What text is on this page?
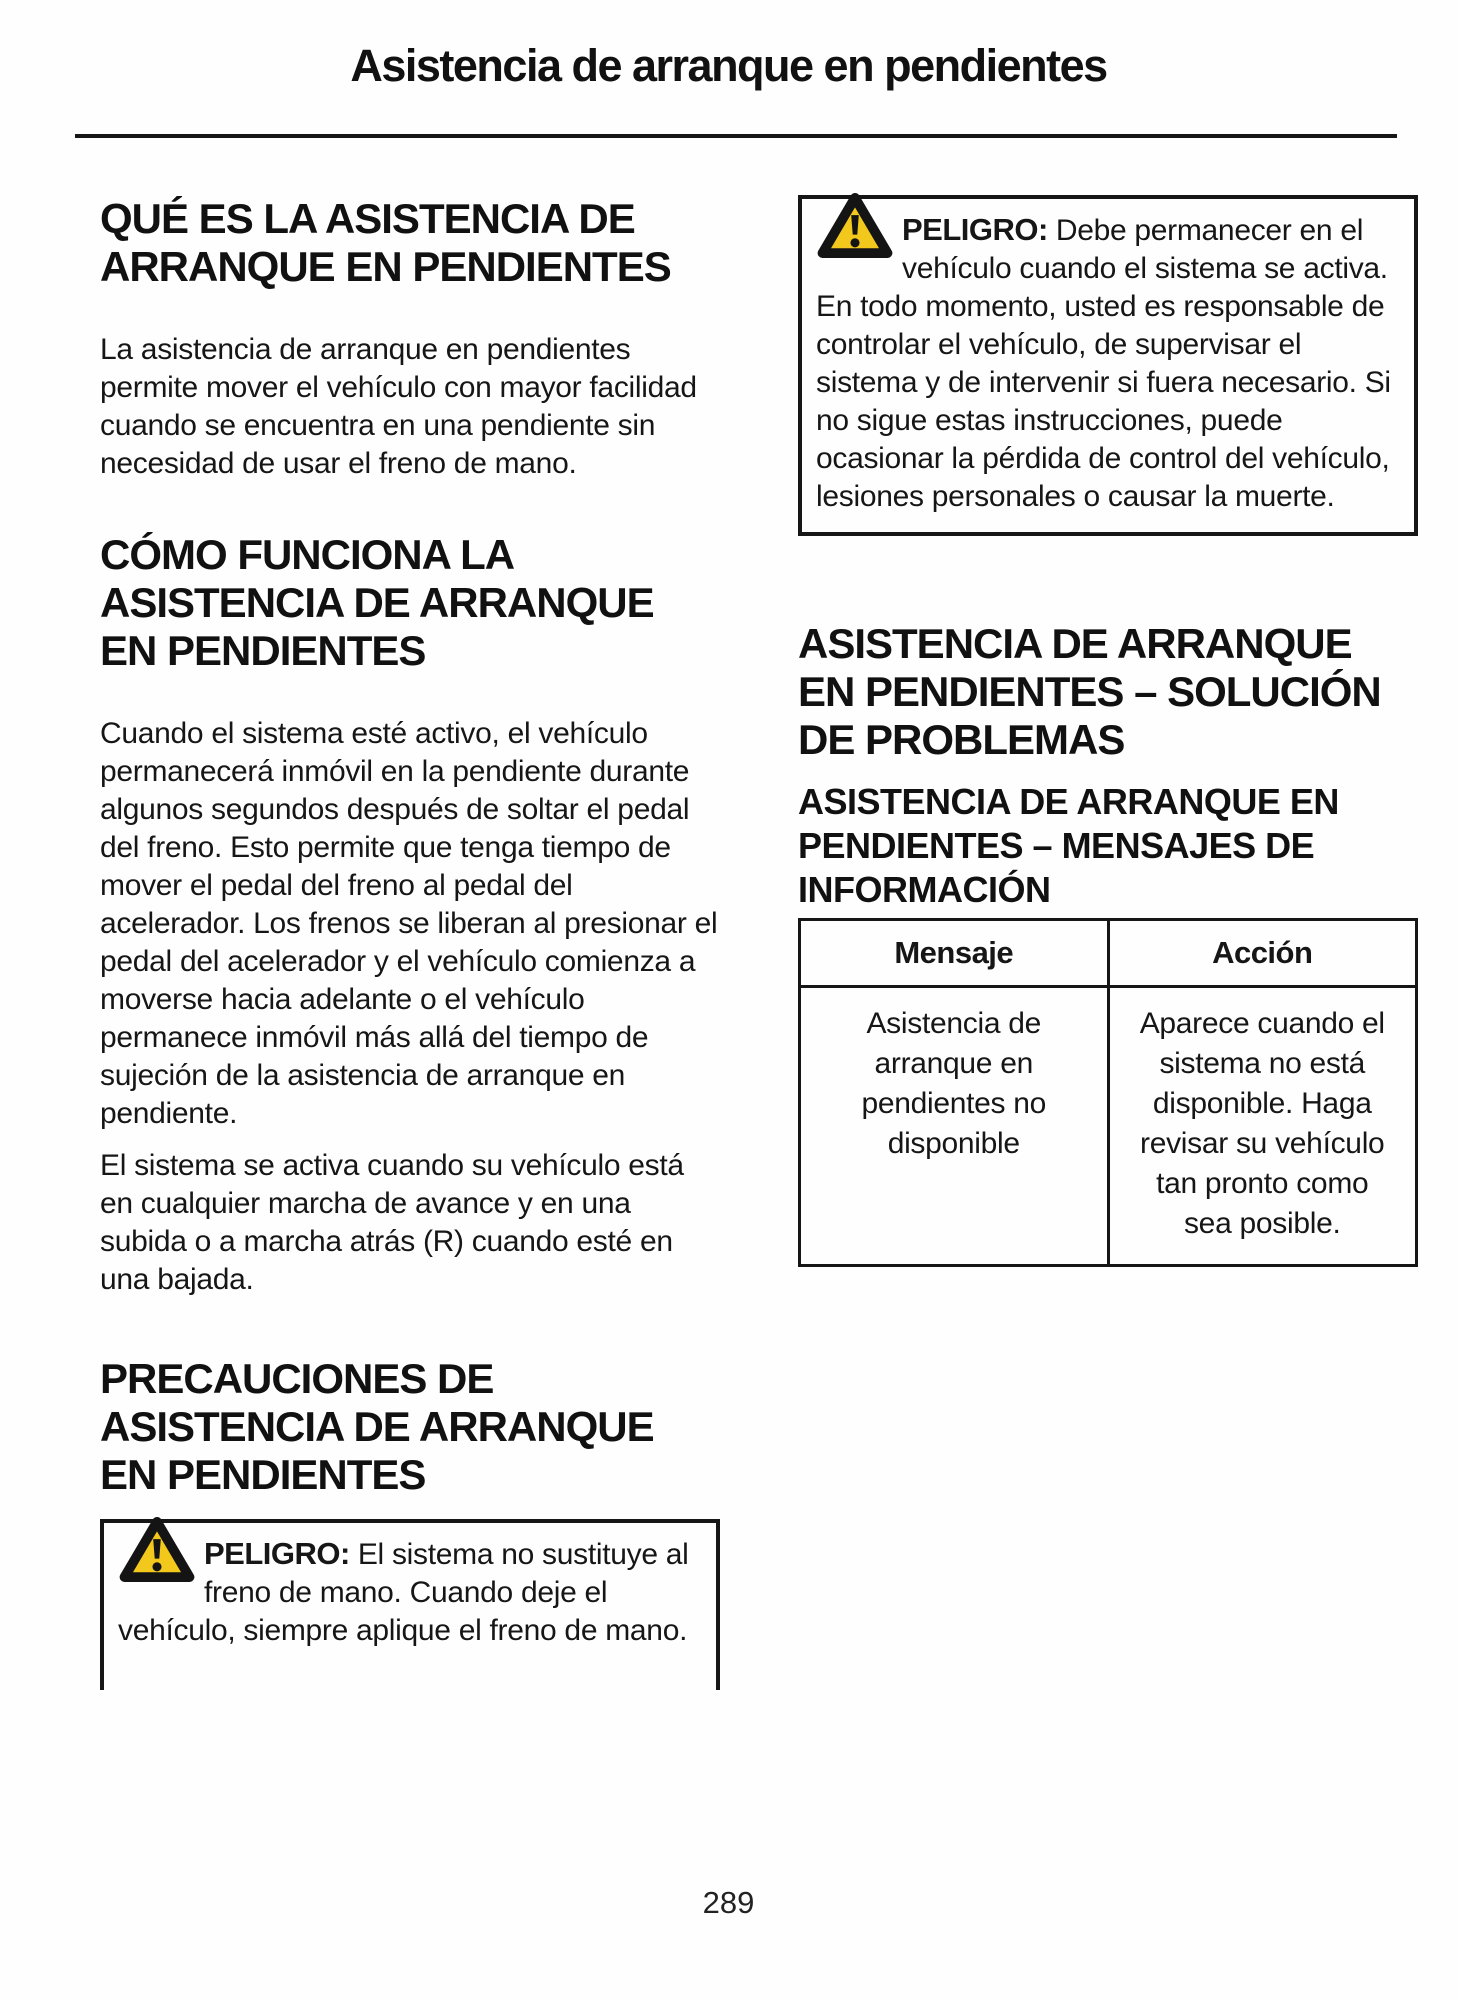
Asistencia de arranque en pendientes
QUÉ ES LA ASISTENCIA DE ARRANQUE EN PENDIENTES

La asistencia de arranque en pendientes permite mover el vehículo con mayor facilidad cuando se encuentra en una pendiente sin necesidad de usar el freno de mano.

CÓMO FUNCIONA LA ASISTENCIA DE ARRANQUE EN PENDIENTES

Cuando el sistema esté activo, el vehículo permanecerá inmóvil en la pendiente durante algunos segundos después de soltar el pedal del freno. Esto permite que tenga tiempo de mover el pedal del freno al pedal del acelerador. Los frenos se liberan al presionar el pedal del acelerador y el vehículo comienza a moverse hacia adelante o el vehículo permanece inmóvil más allá del tiempo de sujeción de la asistencia de arranque en pendiente.

El sistema se activa cuando su vehículo está en cualquier marcha de avance y en una subida o a marcha atrás (R) cuando esté en una bajada.

PRECAUCIONES DE ASISTENCIA DE ARRANQUE EN PENDIENTES
PELIGRO: El sistema no sustituye al freno de mano. Cuando deje el vehículo, siempre aplique el freno de mano.
PELIGRO: Debe permanecer en el vehículo cuando el sistema se activa. En todo momento, usted es responsable de controlar el vehículo, de supervisar el sistema y de intervenir si fuera necesario. Si no sigue estas instrucciones, puede ocasionar la pérdida de control del vehículo, lesiones personales o causar la muerte.
ASISTENCIA DE ARRANQUE EN PENDIENTES – SOLUCIÓN DE PROBLEMAS
ASISTENCIA DE ARRANQUE EN PENDIENTES – MENSAJES DE INFORMACIÓN
Mensaje	Acción
Asistencia de arranque en pendientes no disponible	Aparece cuando el sistema no está disponible. Haga revisar su vehículo tan pronto como sea posible.
289
